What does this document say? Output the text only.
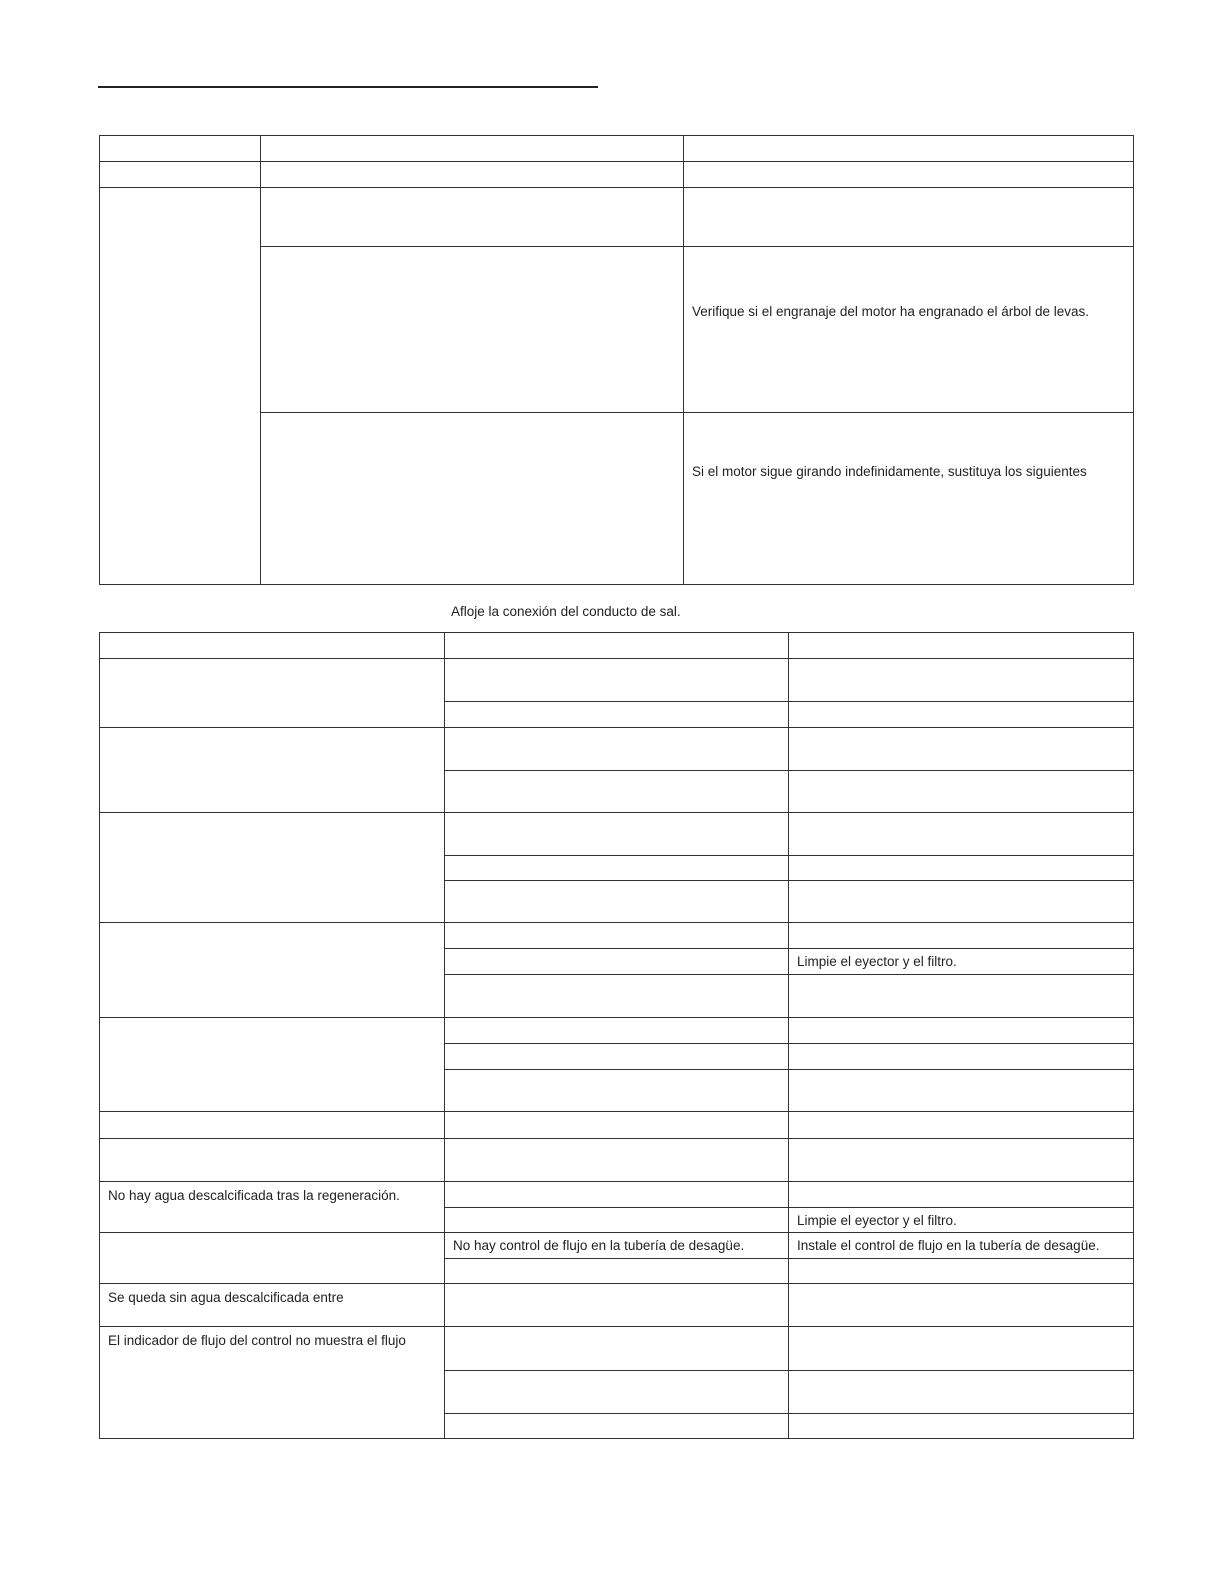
		Verifique si el engranaje del motor ha engranado el árbol de levas.
		Si el motor sigue girando indefinidamente, sustituya los siguientes
Afloje la conexión del conducto de sal.

		Limpie el eyector y el filtro.

No hay agua descalcificada tras la regeneración.		
		Limpie el eyector y el filtro.
	No hay control de flujo en la tubería de desagüe.	Instale el control de flujo en la tubería de desagüe.

Se queda sin agua descalcificada entre		
El indicador de flujo del control no muestra el flujo		
